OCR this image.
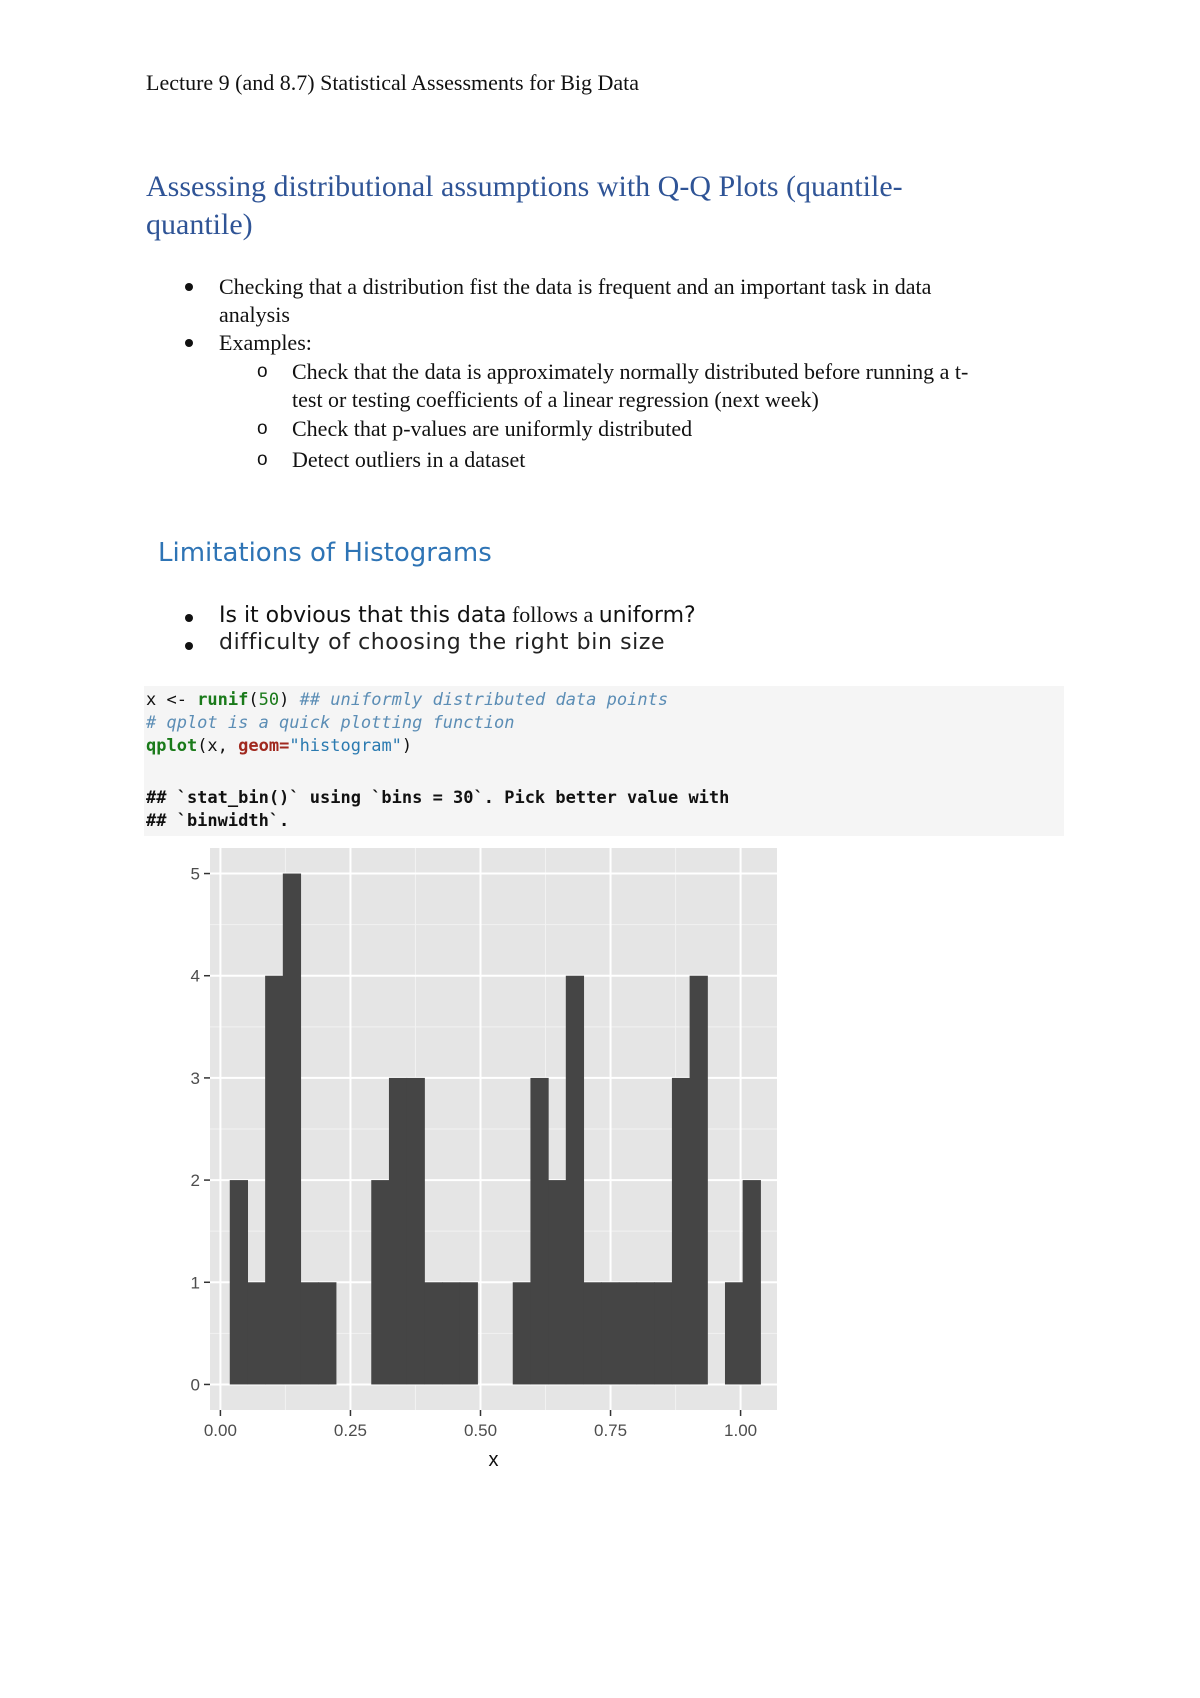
Lecture 9 (and 8.7) Statistical Assessments for Big Data
Assessing distributional assumptions with Q-Q Plots (quantile-
quantile)
Checking that a distribution fist the data is frequent and an important task in data
analysis
Examples:
o Check that the data is approximately normally distributed before running a t-
test or testing coefficients of a linear regression (next week)
o Check that p-values are uniformly distributed
o Detect outliers in a dataset
Limitations of Histograms
Is it obvious that this data follows a uniform?
difficulty of choosing the right bin size
x <- runif(50) ## uniformly distributed data points
# qplot is a quick plotting function
qplot(x, geom="histogram")
## `stat_bin()` using `bins = 30`. Pick better value with
## `binwidth`.
0
1
2
3
4
5
0.00	0.25	0.50	0.75	1.00
x
